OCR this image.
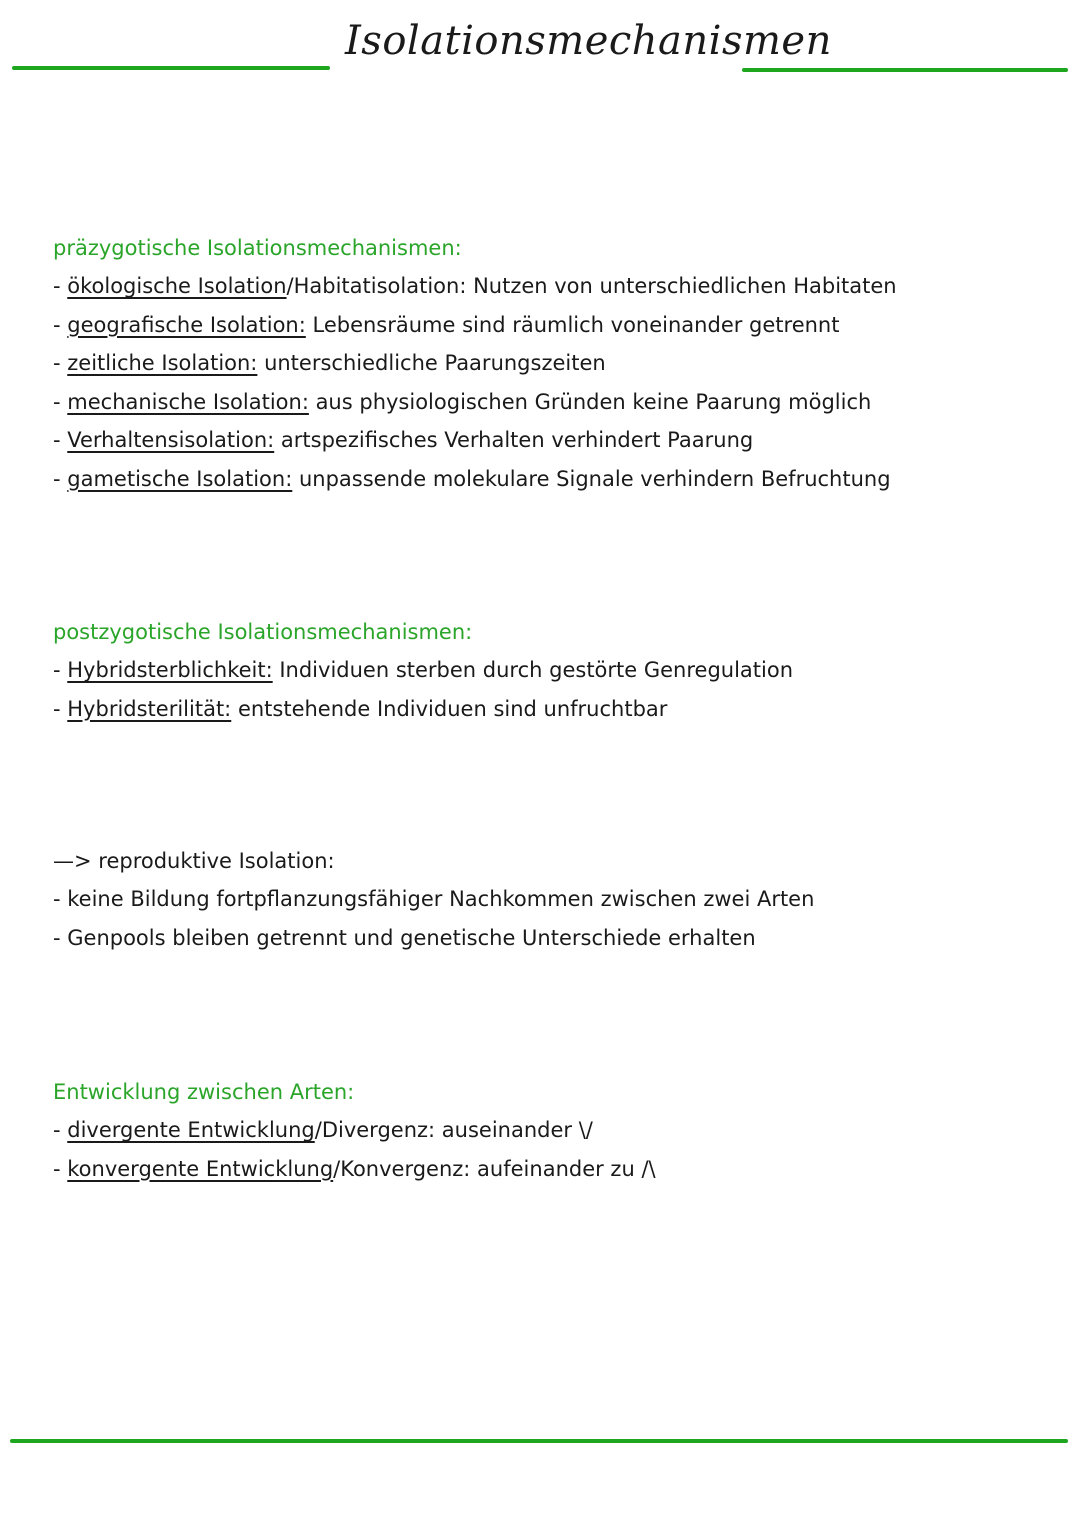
Isolationsmechanismen
präzygotische Isolationsmechanismen:
- ökologische Isolation/Habitatisolation: Nutzen von unterschiedlichen Habitaten
- geografische Isolation: Lebensräume sind räumlich voneinander getrennt
- zeitliche Isolation: unterschiedliche Paarungszeiten
- mechanische Isolation: aus physiologischen Gründen keine Paarung möglich
- Verhaltensisolation: artspezifisches Verhalten verhindert Paarung
- gametische Isolation: unpassende molekulare Signale verhindern Befruchtung
postzygotische Isolationsmechanismen:
- Hybridsterblichkeit: Individuen sterben durch gestörte Genregulation
- Hybridsterilität: entstehende Individuen sind unfruchtbar
—> reproduktive Isolation:
- keine Bildung fortpflanzungsfähiger Nachkommen zwischen zwei Arten
- Genpools bleiben getrennt und genetische Unterschiede erhalten
Entwicklung zwischen Arten:
- divergente Entwicklung/Divergenz: auseinander \/
- konvergente Entwicklung/Konvergenz: aufeinander zu /\
